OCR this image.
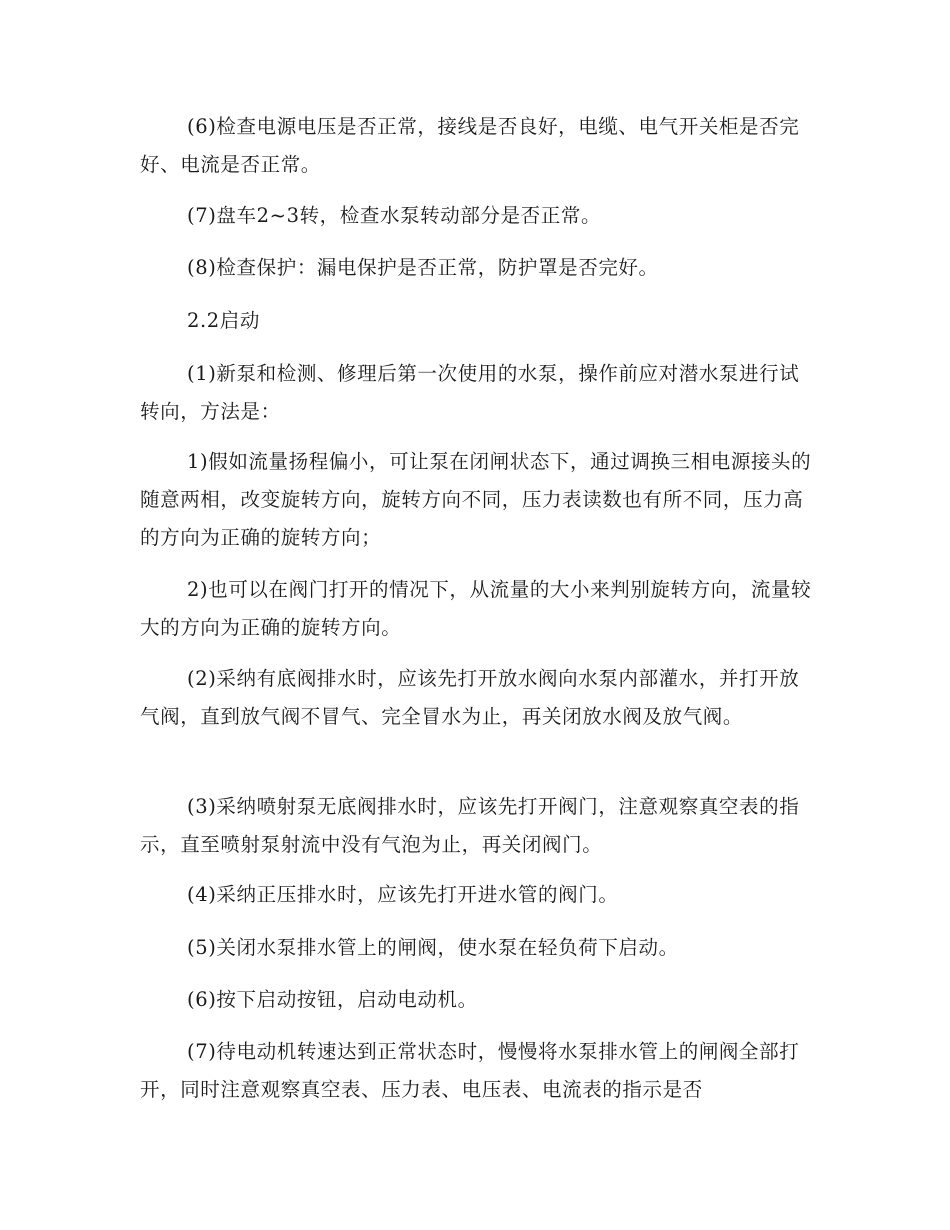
(6)检查电源电压是否正常，接线是否良好，电缆、电气开关柜是否完好、电流是否正常。

(7)盘车2~3转，检查水泵转动部分是否正常。

(8)检查保护：漏电保护是否正常，防护罩是否完好。

2.2启动

(1)新泵和检测、修理后第一次使用的水泵，操作前应对潜水泵进行试转向，方法是：

1)假如流量扬程偏小，可让泵在闭闸状态下，通过调换三相电源接头的随意两相，改变旋转方向，旋转方向不同，压力表读数也有所不同，压力高的方向为正确的旋转方向；

2)也可以在阀门打开的情况下，从流量的大小来判别旋转方向，流量较大的方向为正确的旋转方向。

(2)采纳有底阀排水时，应该先打开放水阀向水泵内部灌水，并打开放气阀，直到放气阀不冒气、完全冒水为止，再关闭放水阀及放气阀。

(3)采纳喷射泵无底阀排水时，应该先打开阀门，注意观察真空表的指示，直至喷射泵射流中没有气泡为止，再关闭阀门。

(4)采纳正压排水时，应该先打开进水管的阀门。

(5)关闭水泵排水管上的闸阀，使水泵在轻负荷下启动。

(6)按下启动按钮，启动电动机。

(7)待电动机转速达到正常状态时，慢慢将水泵排水管上的闸阀全部打开，同时注意观察真空表、压力表、电压表、电流表的指示是否
